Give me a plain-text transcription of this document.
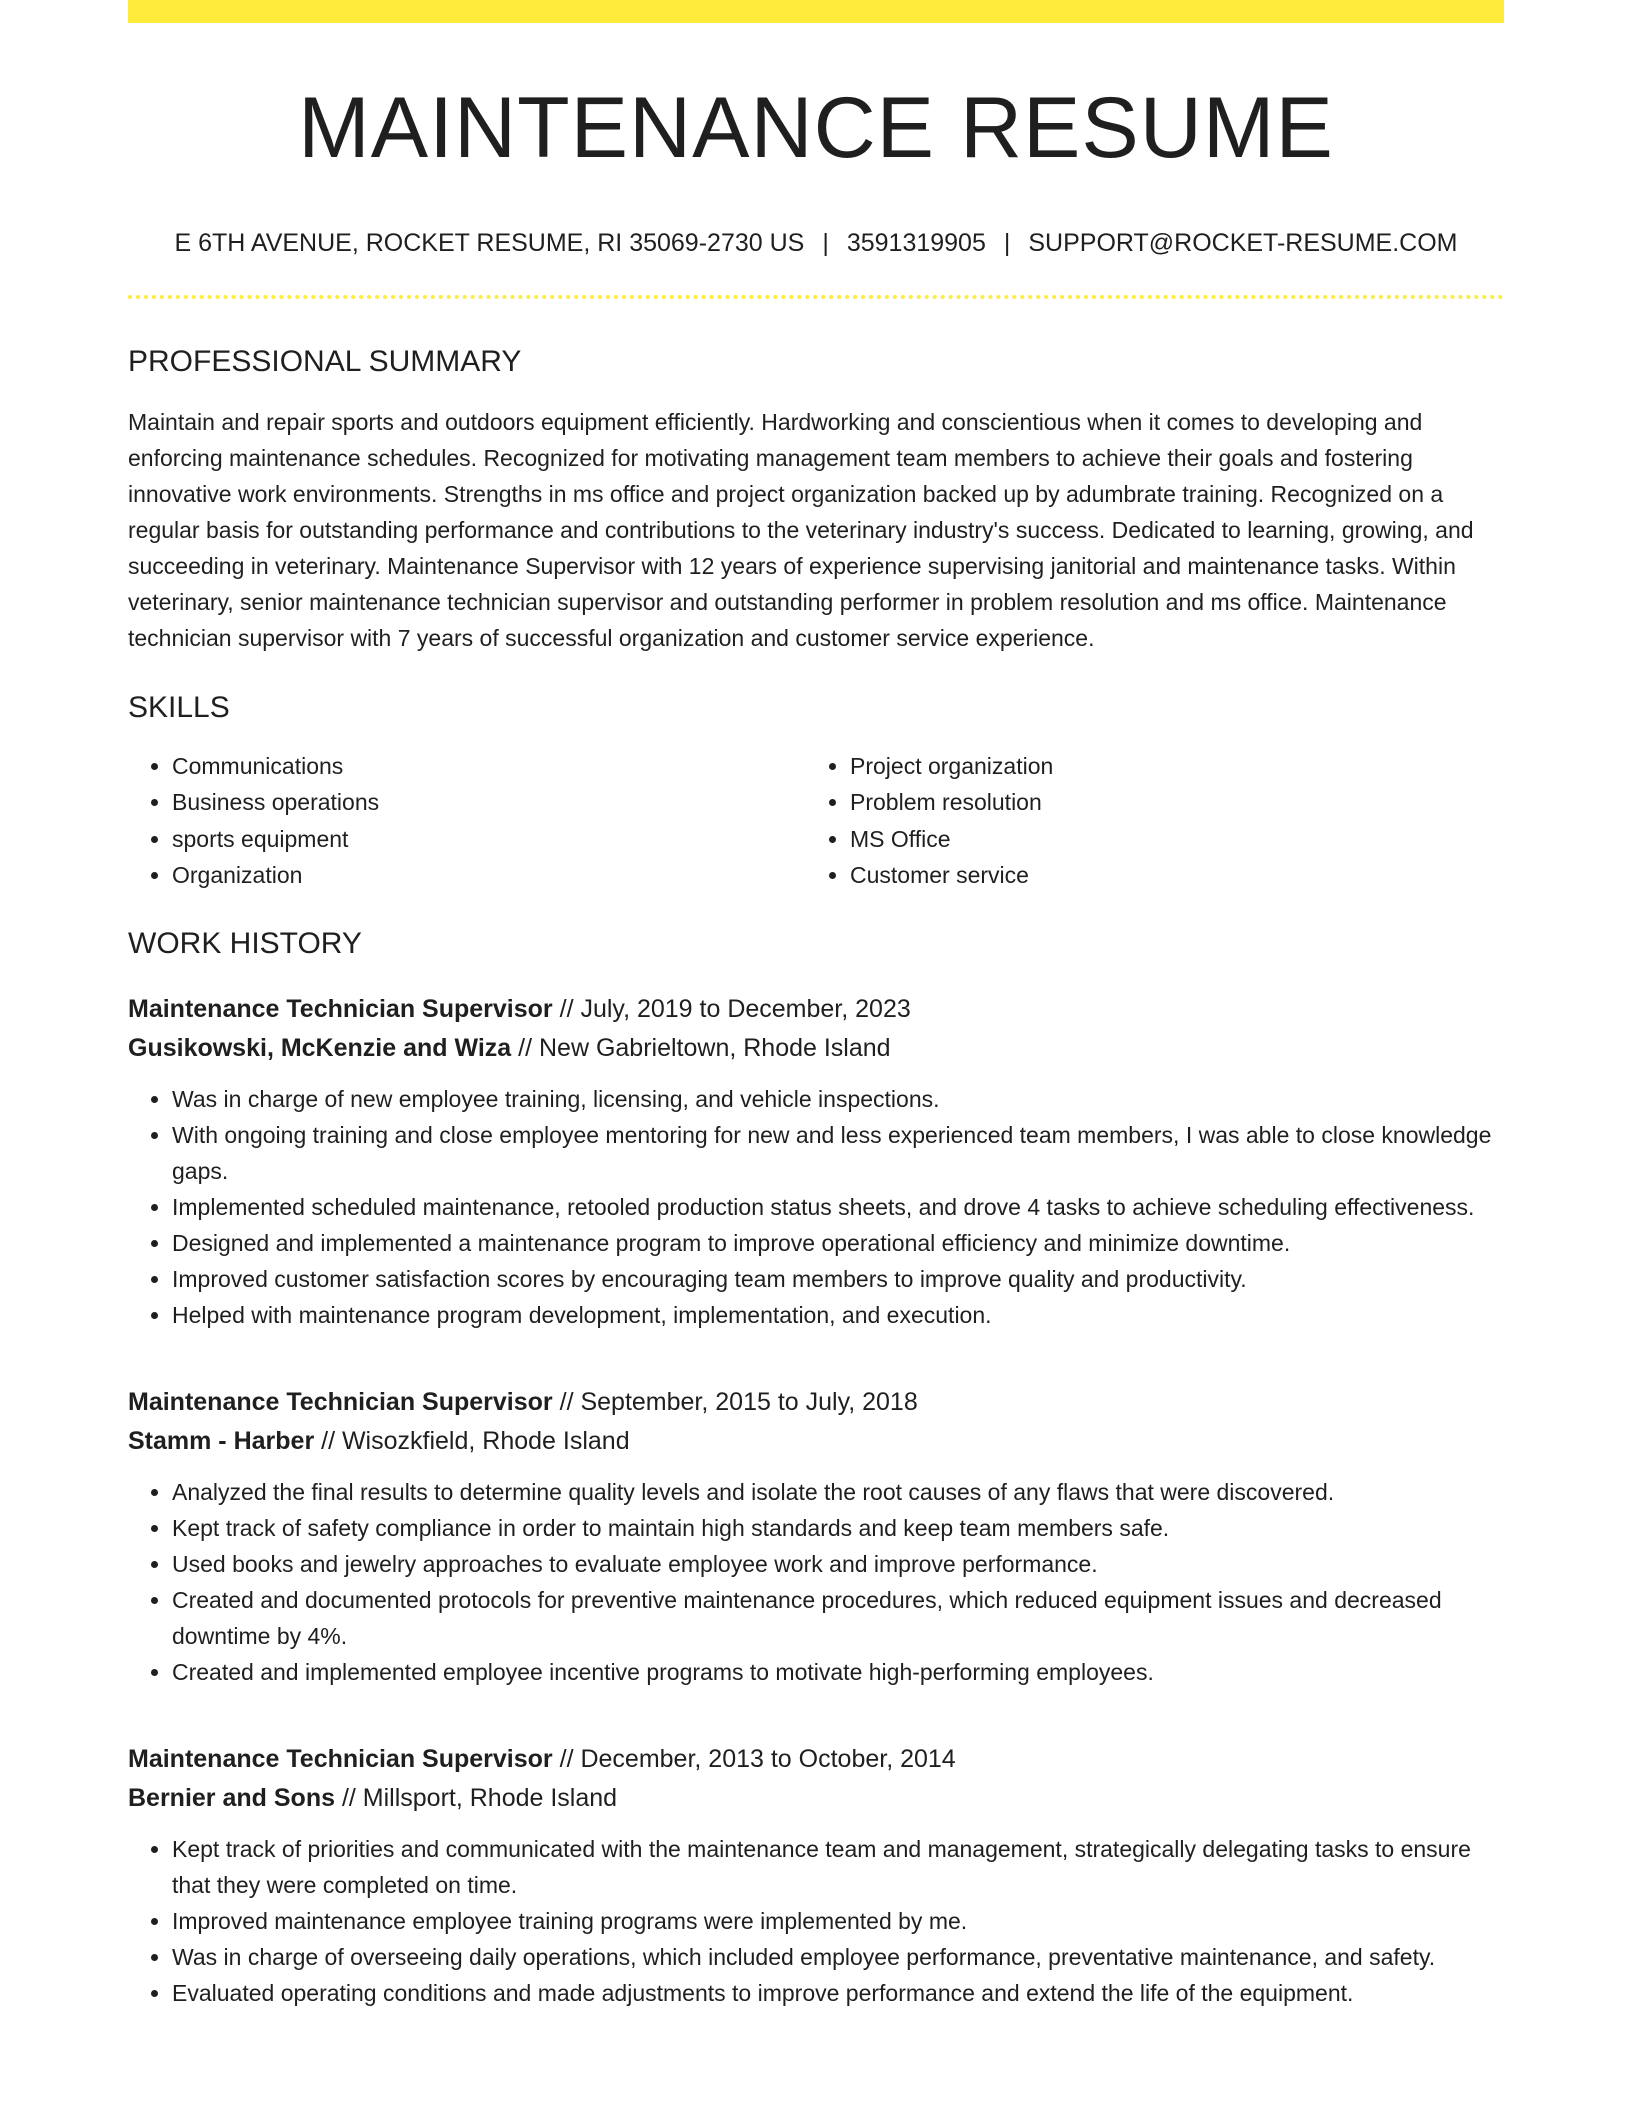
MAINTENANCE RESUME
E 6TH AVENUE, ROCKET RESUME, RI 35069-2730 US | 3591319905 | SUPPORT@ROCKET-RESUME.COM
PROFESSIONAL SUMMARY

Maintain and repair sports and outdoors equipment efficiently. Hardworking and conscientious when it comes to developing and enforcing maintenance schedules. Recognized for motivating management team members to achieve their goals and fostering innovative work environments. Strengths in ms office and project organization backed up by adumbrate training. Recognized on a regular basis for outstanding performance and contributions to the veterinary industry's success. Dedicated to learning, growing, and succeeding in veterinary. Maintenance Supervisor with 12 years of experience supervising janitorial and maintenance tasks. Within veterinary, senior maintenance technician supervisor and outstanding performer in problem resolution and ms office. Maintenance technician supervisor with 7 years of successful organization and customer service experience.

SKILLS
• Communications
• Business operations
• sports equipment
• Organization
• Project organization
• Problem resolution
• MS Office
• Customer service
WORK HISTORY
Maintenance Technician Supervisor // July, 2019 to December, 2023
Gusikowski, McKenzie and Wiza // New Gabrieltown, Rhode Island
• Was in charge of new employee training, licensing, and vehicle inspections.
• With ongoing training and close employee mentoring for new and less experienced team members, I was able to close knowledge gaps.
• Implemented scheduled maintenance, retooled production status sheets, and drove 4 tasks to achieve scheduling effectiveness.
• Designed and implemented a maintenance program to improve operational efficiency and minimize downtime.
• Improved customer satisfaction scores by encouraging team members to improve quality and productivity.
• Helped with maintenance program development, implementation, and execution.
Maintenance Technician Supervisor // September, 2015 to July, 2018
Stamm - Harber // Wisozkfield, Rhode Island
• Analyzed the final results to determine quality levels and isolate the root causes of any flaws that were discovered.
• Kept track of safety compliance in order to maintain high standards and keep team members safe.
• Used books and jewelry approaches to evaluate employee work and improve performance.
• Created and documented protocols for preventive maintenance procedures, which reduced equipment issues and decreased downtime by 4%.
• Created and implemented employee incentive programs to motivate high-performing employees.
Maintenance Technician Supervisor // December, 2013 to October, 2014
Bernier and Sons // Millsport, Rhode Island
• Kept track of priorities and communicated with the maintenance team and management, strategically delegating tasks to ensure that they were completed on time.
• Improved maintenance employee training programs were implemented by me.
• Was in charge of overseeing daily operations, which included employee performance, preventative maintenance, and safety.
• Evaluated operating conditions and made adjustments to improve performance and extend the life of the equipment.
